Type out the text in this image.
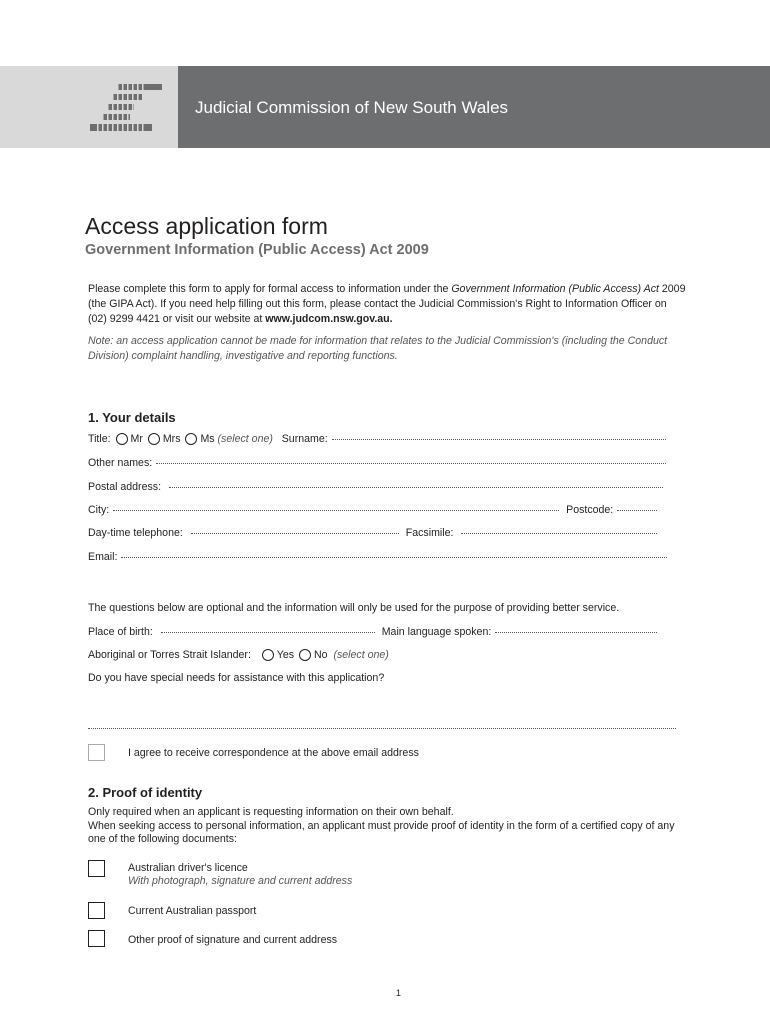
Judicial Commission of New South Wales
Access application form
Government Information (Public Access) Act 2009
Please complete this form to apply for formal access to information under the Government Information (Public Access) Act 2009 (the GIPA Act). If you need help filling out this form, please contact the Judicial Commission's Right to Information Officer on (02) 9299 4421 or visit our website at www.judcom.nsw.gov.au.
Note: an access application cannot be made for information that relates to the Judicial Commission's (including the Conduct Division) complaint handling, investigative and reporting functions.
1. Your details
Title: Mr Mrs Ms (select one) Surname:
Other names:
Postal address:
City:	Postcode:
Day-time telephone:	Facsimile:
Email:
The questions below are optional and the information will only be used for the purpose of providing better service.
Place of birth:	Main language spoken:
Aboriginal or Torres Strait Islander: Yes No (select one)
Do you have special needs for assistance with this application?
I agree to receive correspondence at the above email address
2. Proof of identity
Only required when an applicant is requesting information on their own behalf.
When seeking access to personal information, an applicant must provide proof of identity in the form of a certified copy of any one of the following documents:
Australian driver's licence
With photograph, signature and current address
Current Australian passport
Other proof of signature and current address
1
